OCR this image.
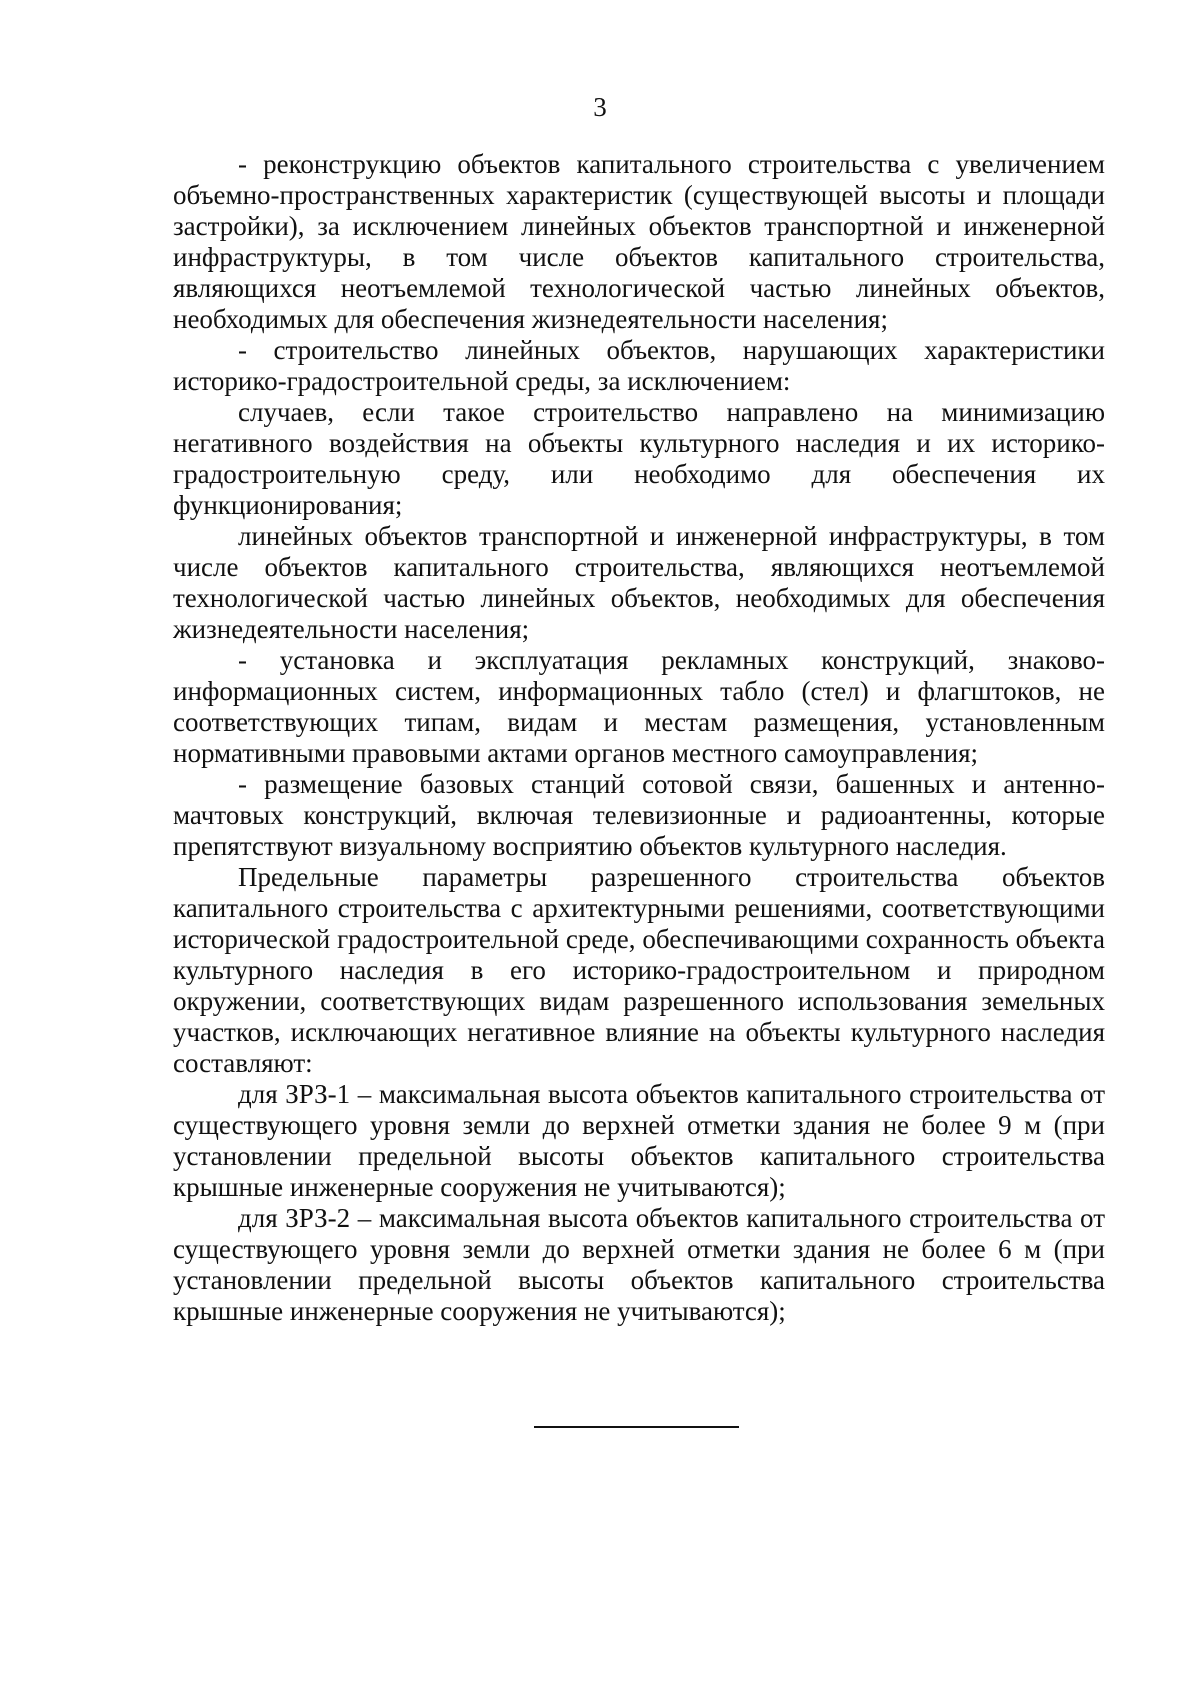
3

- реконструкцию объектов капитального строительства с увеличением объемно-пространственных характеристик (существующей высоты и площади застройки), за исключением линейных объектов транспортной и инженерной инфраструктуры, в том числе объектов капитального строительства, являющихся неотъемлемой технологической частью линейных объектов, необходимых для обеспечения жизнедеятельности населения;

- строительство линейных объектов, нарушающих характеристики историко-градостроительной среды, за исключением:

случаев, если такое строительство направлено на минимизацию негативного воздействия на объекты культурного наследия и их историко-градостроительную среду, или необходимо для обеспечения их функционирования;

линейных объектов транспортной и инженерной инфраструктуры, в том числе объектов капитального строительства, являющихся неотъемлемой технологической частью линейных объектов, необходимых для обеспечения жизнедеятельности населения;

- установка и эксплуатация рекламных конструкций, знаково-информационных систем, информационных табло (стел) и флагштоков, не соответствующих типам, видам и местам размещения, установленным нормативными правовыми актами органов местного самоуправления;

- размещение базовых станций сотовой связи, башенных и антенно-мачтовых конструкций, включая телевизионные и радиоантенны, которые препятствуют визуальному восприятию объектов культурного наследия.

Предельные параметры разрешенного строительства объектов капитального строительства с архитектурными решениями, соответствующими исторической градостроительной среде, обеспечивающими сохранность объекта культурного наследия в его историко-градостроительном и природном окружении, соответствующих видам разрешенного использования земельных участков, исключающих негативное влияние на объекты культурного наследия составляют:

для ЗРЗ-1 – максимальная высота объектов капитального строительства от существующего уровня земли до верхней отметки здания не более 9 м (при установлении предельной высоты объектов капитального строительства крышные инженерные сооружения не учитываются);

для ЗРЗ-2 – максимальная высота объектов капитального строительства от существующего уровня земли до верхней отметки здания не более 6 м (при установлении предельной высоты объектов капитального строительства крышные инженерные сооружения не учитываются);
